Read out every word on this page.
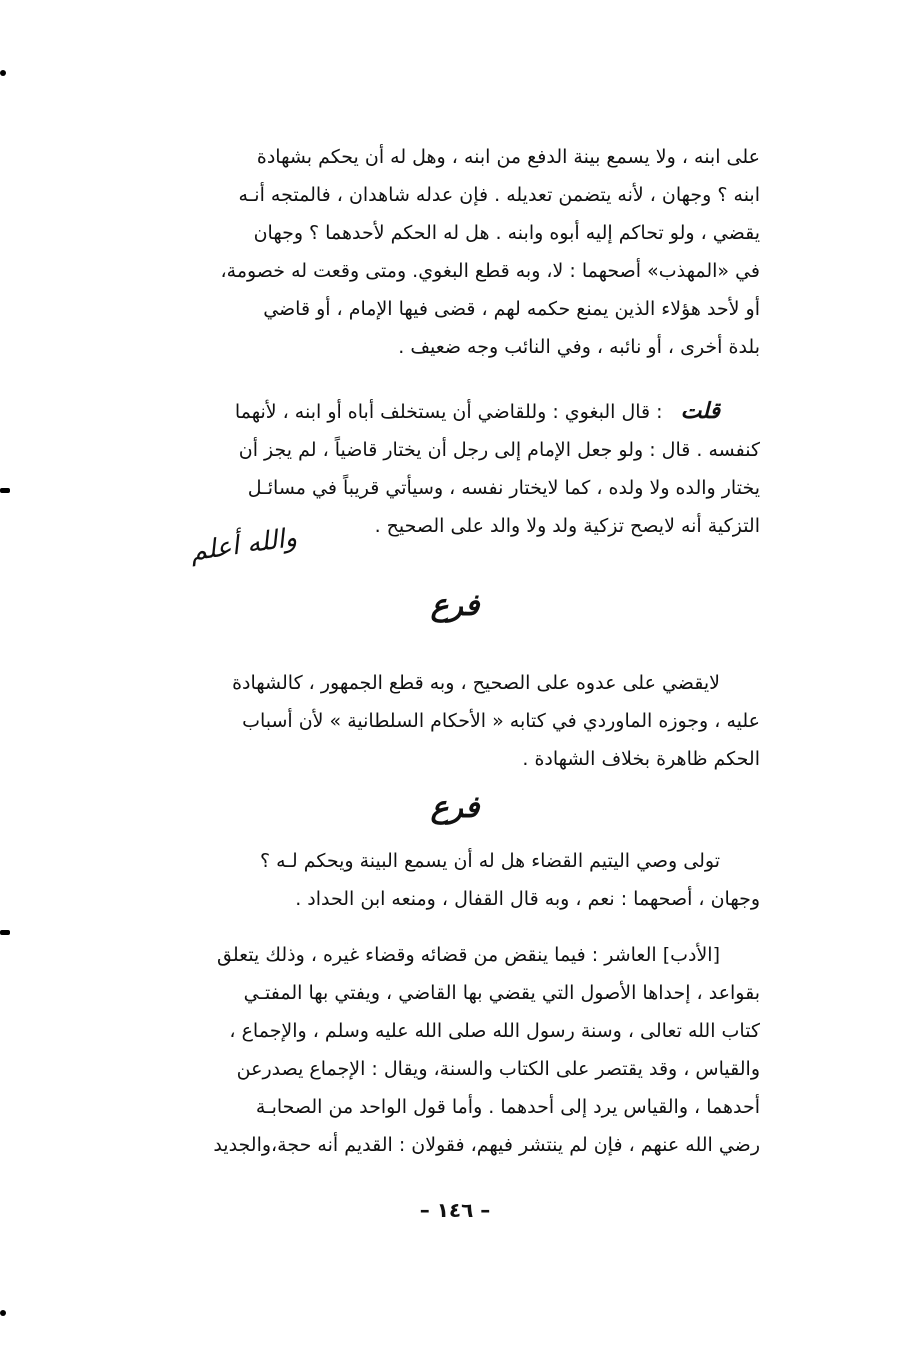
على ابنه ، ولا يسمع بينة الدفع من ابنه ، وهل له أن يحكم بشهادة
ابنه ؟ وجهان ، لأنه يتضمن تعديله . فإن عدله شاهدان ، فالمتجه أنـه
يقضي ، ولو تحاكم إليه أبوه وابنه . هل له الحكم لأحدهما ؟ وجهان
في «المهذب» أصحهما : لا، وبه قطع البغوي. ومتى وقعت له خصومة،
أو لأحد هؤلاء الذين يمنع حكمه لهم ، قضى فيها الإمام ، أو قاضي
بلدة أخرى ، أو نائبه ، وفي النائب وجه ضعيف .
قلت: قال البغوي : وللقاضي أن يستخلف أباه أو ابنه ، لأنهما
كنفسه . قال : ولو جعل الإمام إلى رجل أن يختار قاضياً ، لم يجز أن
يختار والده ولا ولده ، كما لايختار نفسه ، وسيأتي قريباً في مسائـل
التزكية أنه لايصح تزكية ولد ولا والد على الصحيح .
والله أعلم
فرع
لايقضي على عدوه على الصحيح ، وبه قطع الجمهور ، كالشهادة
عليه ، وجوزه الماوردي في كتابه « الأحكام السلطانية » لأن أسباب
الحكم ظاهرة بخلاف الشهادة .
فرع
تولى وصي اليتيم القضاء هل له أن يسمع البينة ويحكم لـه ؟
وجهان ، أصحهما : نعم ، وبه قال القفال ، ومنعه ابن الحداد .
[الأدب] العاشر : فيما ينقض من قضائه وقضاء غيره ، وذلك يتعلق
بقواعد ، إحداها الأصول التي يقضي بها القاضي ، ويفتي بها المفتـي
كتاب الله تعالى ، وسنة رسول الله صلى الله عليه وسلم ، والإجماع ،
والقياس ، وقد يقتصر على الكتاب والسنة، ويقال : الإجماع يصدرعن
أحدهما ، والقياس يرد إلى أحدهما . وأما قول الواحد من الصحابـة
رضي الله عنهم ، فإن لم ينتشر فيهم، فقولان : القديم أنه حجة،والجديد
– ١٤٦ –
